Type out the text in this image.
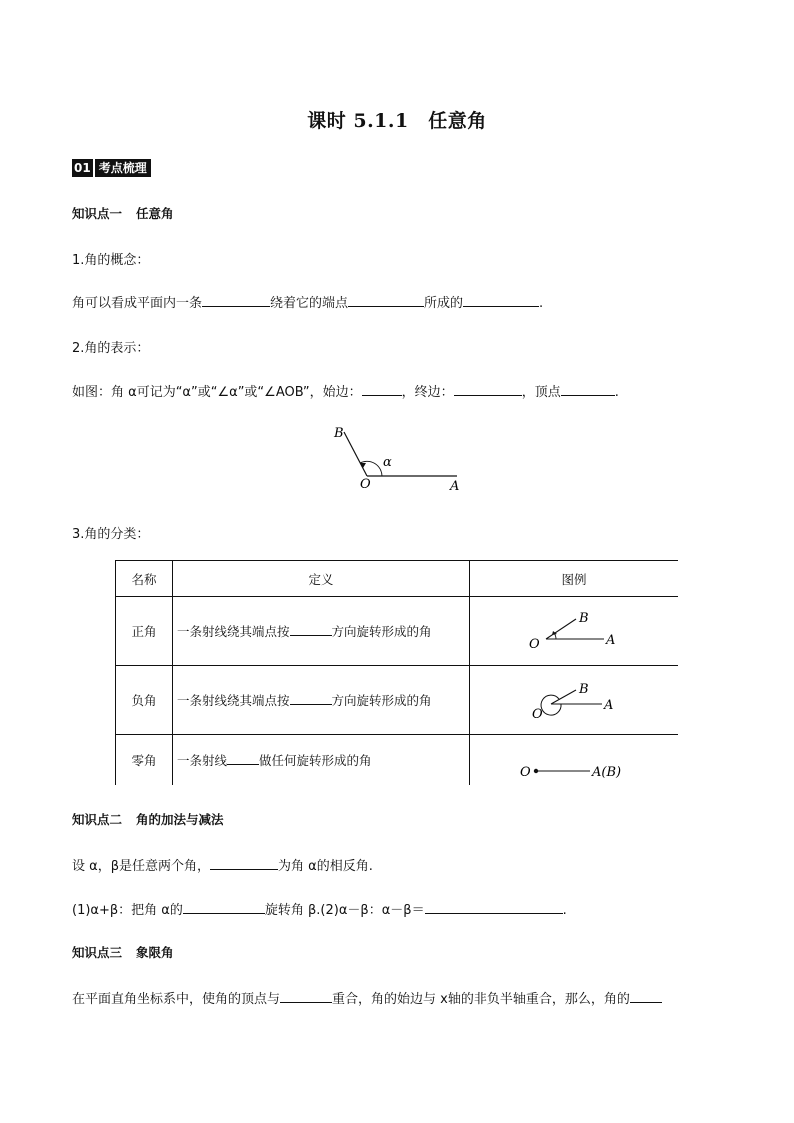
课时 5.1.1　任意角
01 考点梳理
知识点一 任意角
1.角的概念：
角可以看成平面内一条	绕着它的端点	所成的	.
2.角的表示：
如图：角 α可记为“α”或“∠α”或“∠AOB”，始边：	，终边：	，顶点	.
B
O	A
α
3.角的分类：
名称	定义	图例
正角	一条射线绕其端点按 方向旋转形成的角	O
B
A

负角	一条射线绕其端点按 方向旋转形成的角	O
B
A

零角	一条射线 做任何旋转形成的角	O A(B)
知识点二 角的加法与减法
设 α，β是任意两个角，	为角 α的相反角.
(1)α+β：把角 α的	旋转角 β.(2)α－β：α－β＝	.
知识点三 象限角
在平面直角坐标系中，使角的顶点与	重合，角的始边与 x轴的非负半轴重合，那么，角的
